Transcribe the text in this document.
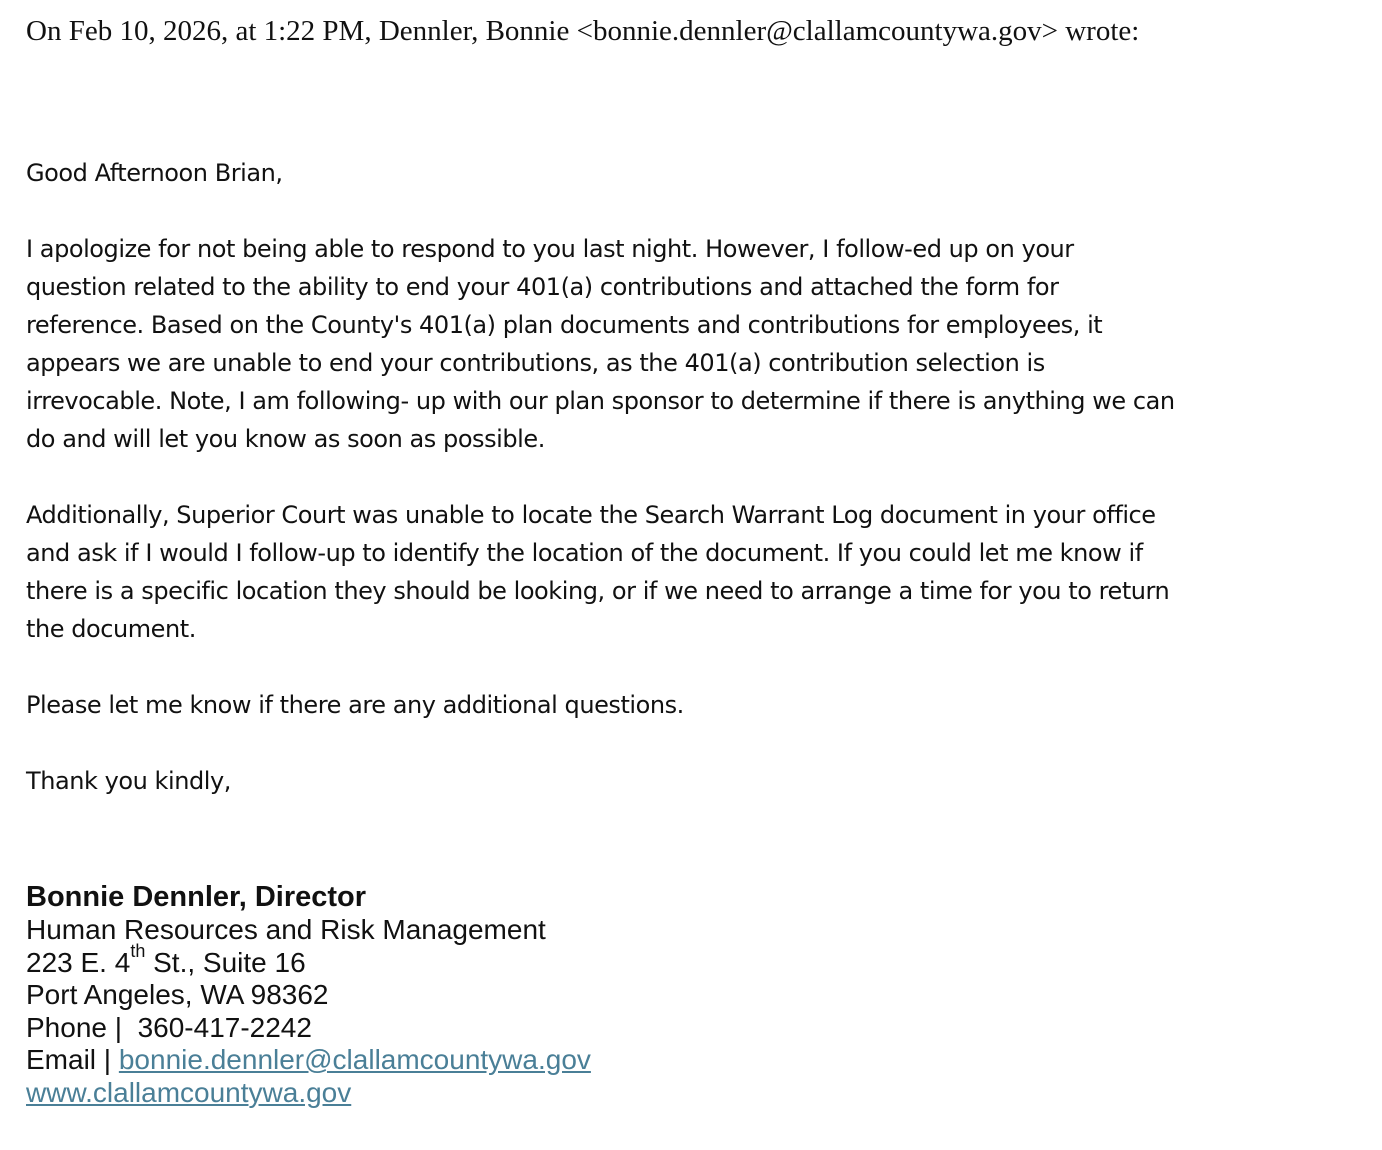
On Feb 10, 2026, at 1:22 PM, Dennler, Bonnie <bonnie.dennler@clallamcountywa.gov> wrote:
Good Afternoon Brian,

I apologize for not being able to respond to you last night. However, I follow-ed up on your

question related to the ability to end your 401(a) contributions and attached the form for

reference. Based on the County's 401(a) plan documents and contributions for employees, it

appears we are unable to end your contributions, as the 401(a) contribution selection is

irrevocable. Note, I am following- up with our plan sponsor to determine if there is anything we can

do and will let you know as soon as possible.

Additionally, Superior Court was unable to locate the Search Warrant Log document in your office

and ask if I would I follow-up to identify the location of the document. If you could let me know if

there is a specific location they should be looking, or if we need to arrange a time for you to return

the document.

Please let me know if there are any additional questions.
Thank you kindly,
Bonnie Dennler, Director
Human Resources and Risk Management
223 E. 4th St., Suite 16
Port Angeles, WA 98362
Phone |  360-417-2242
Email | bonnie.dennler@clallamcountywa.gov
www.clallamcountywa.gov
